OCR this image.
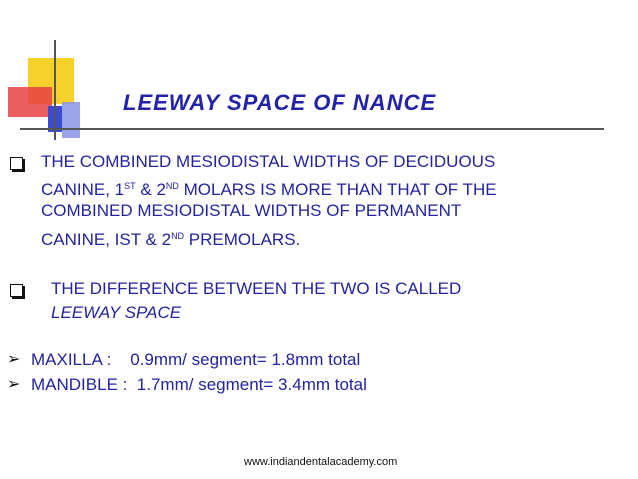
LEEWAY SPACE OF NANCE
THE COMBINED MESIODISTAL WIDTHS OF DECIDUOUS
CANINE, 1ST & 2ND MOLARS IS MORE THAN THAT OF THE
COMBINED MESIODISTAL WIDTHS OF PERMANENT
CANINE, IST & 2ND PREMOLARS.
THE DIFFERENCE BETWEEN THE TWO IS CALLED
LEEWAY SPACE
➢ MAXILLA :    0.9mm/ segment= 1.8mm total
➢ MANDIBLE :  1.7mm/ segment= 3.4mm total
www.indiandentalacademy.com
